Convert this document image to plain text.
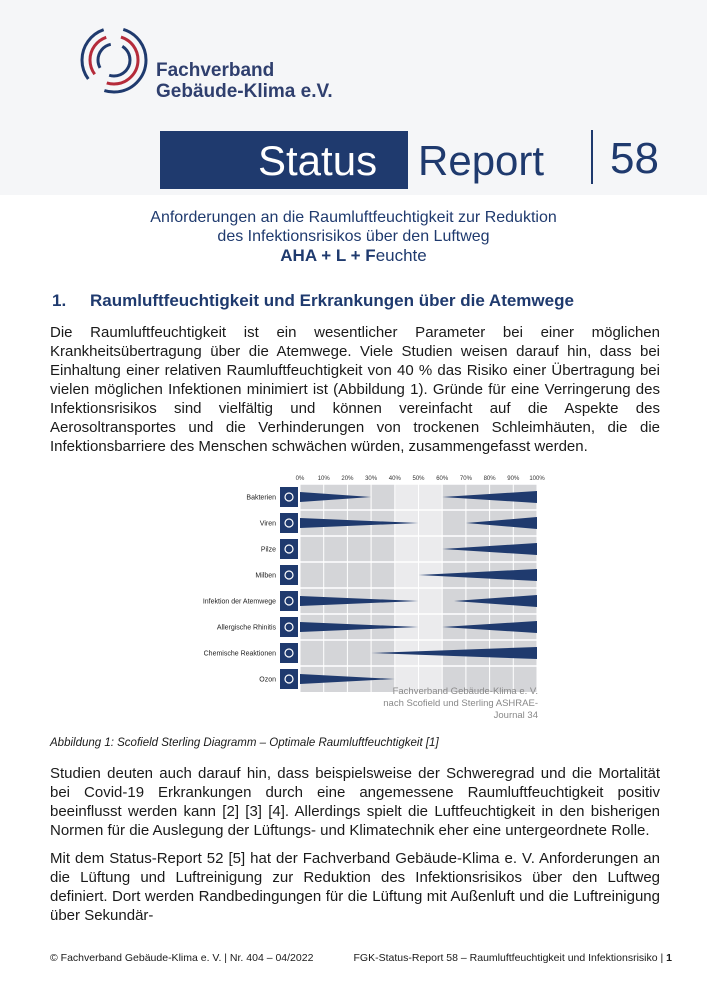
Fachverband
Gebäude-Klima e.V.
Status Report 58
Anforderungen an die Raumluftfeuchtigkeit zur Reduktion
des Infektionsrisikos über den Luftweg
AHA + L + Feuchte
1. Raumluftfeuchtigkeit und Erkrankungen über die Atemwege

Die Raumluftfeuchtigkeit ist ein wesentlicher Parameter bei einer möglichen Krankheitsübertragung über die Atemwege. Viele Studien weisen darauf hin, dass bei Einhaltung einer relativen Raumluftfeuchtigkeit von 40 % das Risiko einer Übertragung bei vielen möglichen Infektionen minimiert ist (Abbildung 1). Gründe für eine Verringerung des Infektionsrisikos sind vielfältig und können vereinfacht auf die Aspekte des Aerosoltransportes und die Verhinderungen von trockenen Schleimhäuten, die die Infektionsbarriere des Menschen schwächen würden, zusammengefasst werden.

0% 10% 20% 30% 40% 50% 60% 70% 80% 90% 100%
Bakterien
Viren
Pilze
Milben
Infektion der Atemwege
Allergische Rhinitis
Chemische Reaktionen
Ozon
Fachverband Gebäude-Klima e. V.
nach Scofield und Sterling ASHRAE-Journal 34

Abbildung 1: Scofield Sterling Diagramm – Optimale Raumluftfeuchtigkeit [1]

Studien deuten auch darauf hin, dass beispielsweise der Schweregrad und die Mortalität bei Covid-19 Erkrankungen durch eine angemessene Raumluftfeuchtigkeit positiv beeinflusst werden kann [2] [3] [4]. Allerdings spielt die Luftfeuchtigkeit in den bisherigen Normen für die Auslegung der Lüftungs- und Klimatechnik eher eine untergeordnete Rolle.

Mit dem Status-Report 52 [5] hat der Fachverband Gebäude-Klima e. V. Anforderungen an die Lüftung und Luftreinigung zur Reduktion des Infektionsrisikos über den Luftweg definiert. Dort werden Randbedingungen für die Lüftung mit Außenluft und die Luftreinigung über Sekundär-

© Fachverband Gebäude-Klima e. V. | Nr. 404 – 04/2022	FGK-Status-Report 58 – Raumluftfeuchtigkeit und Infektionsrisiko | 1
